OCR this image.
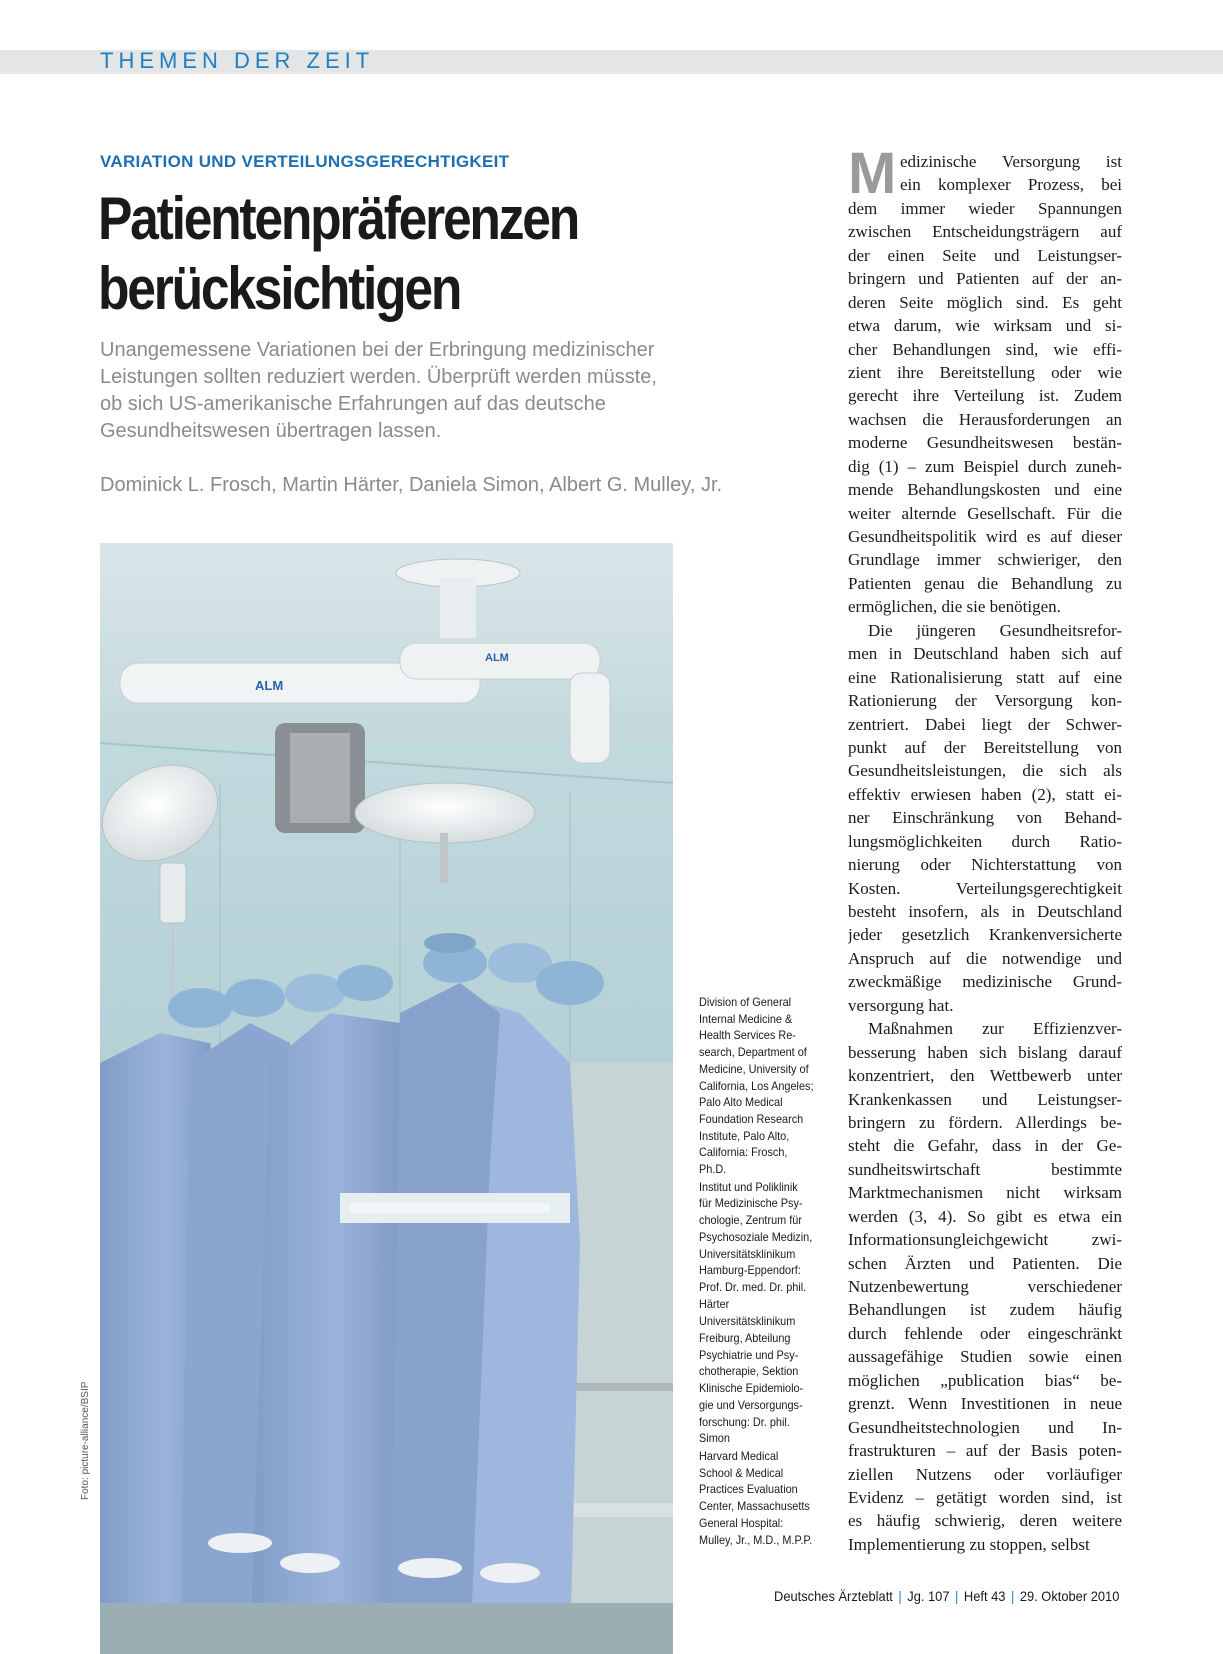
THEMEN DER ZEIT
VARIATION UND VERTEILUNGSGERECHTIGKEIT
Patientenpräferenzen
berücksichtigen

Unangemessene Variationen bei der Erbringung medizinischer
Leistungen sollten reduziert werden. Überprüft werden müsste,
ob sich US-amerikanische Erfahrungen auf das deutsche
Gesundheitswesen übertragen lassen.

Dominick L. Frosch, Martin Härter, Daniela Simon, Albert G. Mulley, Jr.

ALM
ALM
Foto: picture-alliance/BSIP

Division of General
Internal Medicine &
Health Services Re-
search, Department of
Medicine, University of
California, Los Angeles;
Palo Alto Medical
Foundation Research
Institute, Palo Alto,
California: Frosch,
Ph.D.

Institut und Poliklinik
für Medizinische Psy-
chologie, Zentrum für
Psychosoziale Medizin,
Universitätsklinikum
Hamburg-Eppendorf:
Prof. Dr. med. Dr. phil.
Härter

Universitätsklinikum
Freiburg, Abteilung
Psychiatrie und Psy-
chotherapie, Sektion
Klinische Epidemiolo-
gie und Versorgungs-
forschung: Dr. phil.
Simon

Harvard Medical
School & Medical
Practices Evaluation
Center, Massachusetts
General Hospital:
Mulley, Jr., M.D., M.P.P.

M edizinische Versorgung ist
ein komplexer Prozess, bei
dem immer wieder Spannungen
zwischen Entscheidungsträgern auf
der einen Seite und Leistungser-
bringern und Patienten auf der an-
deren Seite möglich sind. Es geht
etwa darum, wie wirksam und si-
cher Behandlungen sind, wie effi-
zient ihre Bereitstellung oder wie
gerecht ihre Verteilung ist. Zudem
wachsen die Herausforderungen an
moderne Gesundheitswesen bestän-
dig (1) – zum Beispiel durch zuneh-
mende Behandlungskosten und eine
weiter alternde Gesellschaft. Für die
Gesundheitspolitik wird es auf dieser
Grundlage immer schwieriger, den
Patienten genau die Behandlung zu
ermöglichen, die sie benötigen.
Die jüngeren Gesundheitsrefor-
men in Deutschland haben sich auf
eine Rationalisierung statt auf eine
Rationierung der Versorgung kon-
zentriert. Dabei liegt der Schwer-
punkt auf der Bereitstellung von
Gesundheitsleistungen, die sich als
effektiv erwiesen haben (2), statt ei-
ner Einschränkung von Behand-
lungsmöglichkeiten durch Ratio-
nierung oder Nichterstattung von
Kosten. Verteilungsgerechtigkeit
besteht insofern, als in Deutschland
jeder gesetzlich Krankenversicherte
Anspruch auf die notwendige und
zweckmäßige medizinische Grund-
versorgung hat.
Maßnahmen zur Effizienzver-
besserung haben sich bislang darauf
konzentriert, den Wettbewerb unter
Krankenkassen und Leistungser-
bringern zu fördern. Allerdings be-
steht die Gefahr, dass in der Ge-
sundheitswirtschaft bestimmte
Marktmechanismen nicht wirksam
werden (3, 4). So gibt es etwa ein
Informationsungleichgewicht zwi-
schen Ärzten und Patienten. Die
Nutzenbewertung verschiedener
Behandlungen ist zudem häufig
durch fehlende oder eingeschränkt
aussagefähige Studien sowie einen
möglichen „publication bias“ be-
grenzt. Wenn Investitionen in neue
Gesundheitstechnologien und In-
frastrukturen – auf der Basis poten-
ziellen Nutzens oder vorläufiger
Evidenz – getätigt worden sind, ist
es häufig schwierig, deren weitere
Implementierung zu stoppen, selbst
Deutsches Ärzteblatt | Jg. 107 | Heft 43 | 29. Oktober 2010
